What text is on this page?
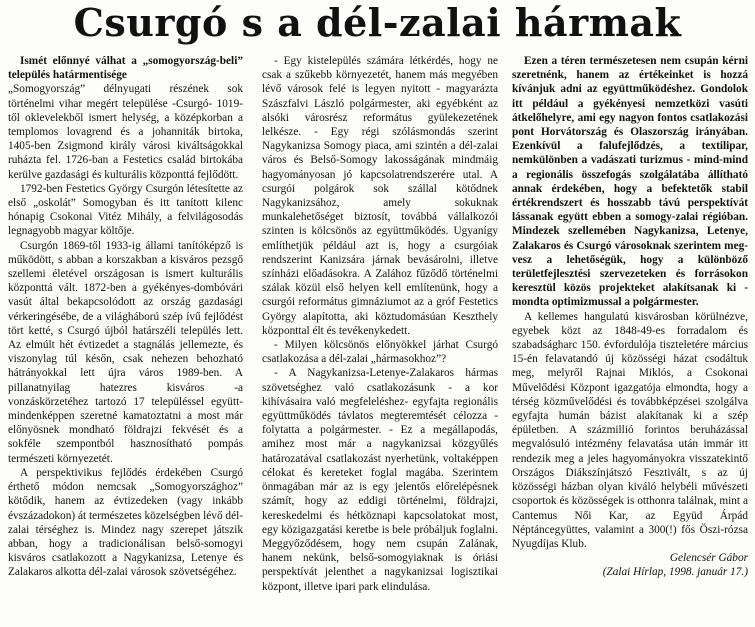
Csurgó s a dél-zalai hármak

Ismét előnnyé válhat a „somogyország-beli” település határmentisége

„Somogyország” délnyugati részének sok történelmi vihar megért települése -Csurgó- 1019-től oklevelekből ismert helység, a középkorban a templomos lovagrend és a johanniták birtoka, 1405-ben Zsigmond király városi kiváltságokkal ruházta fel. 1726-ban a Festetics család birtokába kerülve gazdasági és kulturális központtá fejlődött.

1792-ben Festetics György Csurgón létesítette az első „oskolát” Somogyban és itt tanított kilenc hónapig Csokonai Vitéz Mihály, a felvilágosodás legnagyobb magyar költője.

Csurgón 1869-től 1933-ig állami tanítóképző is működött, s abban a korszakban a kisváros pezsgő szellemi életével országosan is ismert kulturális központtá vált. 1872-ben a gyékényes-dombóvári vasút által bekapcsolódott az ország gazdasági vérkeringésébe, de a világháború szép ívű fejlődést tört ketté, s Csurgó újból határszéli település lett. Az elmúlt hét évtizedet a stagnálás jellemezte, és viszonylag túl későn, csak nehezen behozható hátrányokkal lett újra város 1989-ben. A pillanatnyilag hatezres kisváros -a vonzáskörzetéhez tartozó 17 településsel együtt- mindenképpen szeretné kamatoztatni a most már előnyösnek mondható földrajzi fekvését és a sokféle szempontból hasznosítható pompás természeti környezetét.

A perspektivikus fejlődés érdekében Csurgó érthető módon nemcsak „Somogyországhoz” kötődik, hanem az évtizedeken (vagy inkább évszázadokon) át természetes közelségben lévő dél-zalai térséghez is. Mindez nagy szerepet játszik abban, hogy a tradicionálisan belső-somogyi kisváros csatlakozott a Nagykanizsa, Letenye és Zalakaros alkotta dél-zalai városok szövetségéhez.

- Egy kistelepülés számára létkérdés, hogy ne csak a szűkebb környezetét, hanem más megyében lévő városok felé is legyen nyitott - magyarázta Szászfalvi László polgármester, aki egyébként az alsóki városrész református gyülekezetének lelkésze. - Egy régi szólásmondás szerint Nagykanizsa Somogy piaca, ami szintén a dél-zalai város és Belső-Somogy lakosságának mindmáig hagyományosan jó kapcsolatrendszerére utal. A csurgói polgárok sok szállal kötődnek Nagykanizsához, amely sokuknak munkalehetőséget biztosít, továbbá vállalkozói szinten is kölcsönös az együttműködés. Ugyanígy említhetjük például azt is, hogy a csurgóiak rendszerint Kanizsára járnak bevásárolni, illetve színházi előadásokra. A Zalához fűződő történelmi szálak közül első helyen kell említenünk, hogy a csurgói református gimnáziumot az a gróf Festetics György alapította, aki köztudomásúan Keszthely központtal élt és tevékenykedett.

- Milyen kölcsönös előnyökkel járhat Csurgó csatlakozása a dél-zalai „hármasokhoz”?

- A Nagykanizsa-Letenye-Zalakaros hármas szövetséghez való csatlakozásunk - a kor kihívásaira való megfeleléshez- egyfajta regionális együttműködés távlatos megteremtését célozza - folytatta a polgármester. - Ez a megállapodás, amihez most már a nagykanizsai közgyűlés határozatával csatlakozást nyerhetünk, voltaképpen célokat és kereteket foglal magába. Szerintem önmagában már az is egy jelentős előrelépésnek számít, hogy az eddigi történelmi, földrajzi, kereskedelmi és hétköznapi kapcsolatokat most, egy közigazgatási keretbe is bele próbáljuk foglalni. Meggyőződésem, hogy nem csupán Zalának, hanem nekünk, belső-somogyiaknak is óriási perspektívát jelenthet a nagykanizsai logisztikai központ, illetve ipari park elindulása.

Ezen a téren természetesen nem csupán kérni szeretnénk, hanem az értékeinket is hozzá kívánjuk adni az együttműködéshez. Gondolok itt például a gyékényesi nemzetközi vasúti átkelőhelyre, ami egy nagyon fontos csatlakozási pont Horvátország és Olaszország irányában. Ezenkívül a falufejlődzés, a textilipar, nemkülönben a vadászati turizmus - mind-mind a regionális összefogás szolgálatába állítható annak érdekében, hogy a befektetők stabil értékrendszert és hosszabb távú perspektívát lássanak együtt ebben a somogy-zalai régióban. Mindezek szellemében Nagykanizsa, Letenye, Zalakaros és Csurgó városoknak szerintem meg-vesz a lehetőségük, hogy a különböző területfejlesztési szervezeteken és forrásokon keresztül közös projekteket alakítsanak ki - mondta optimizmussal a polgármester.

A kellemes hangulatú kisvárosban körülnézve, egyebek közt az 1848-49-es forradalom és szabadságharc 150. évfordulója tiszteletére március 15-én felavatandó új közösségi házat csodáltuk meg, melyről Rajnai Miklós, a Csokonai Művelődési Központ igazgatója elmondta, hogy a térség közművelődési és továbbképzései szolgálva egyfajta humán bázist alakítanak ki a szép épületben. A százmillió forintos beruházással megvalósuló intézmény felavatása után immár itt rendezik meg a jeles hagyományokra visszatekintő Országos Diákszínjátszó Fesztivált, s az új közösségi házban olyan kiváló helybéli művészeti csoportok és közösségek is otthonra találnak, mint a Cantemus Női Kar, az Együd Árpád Néptáncegyüttes, valamint a 300(!) fős Öszi-rózsa Nyugdíjas Klub.

Gelencsér Gábor

(Zalai Hírlap, 1998. január 17.)
